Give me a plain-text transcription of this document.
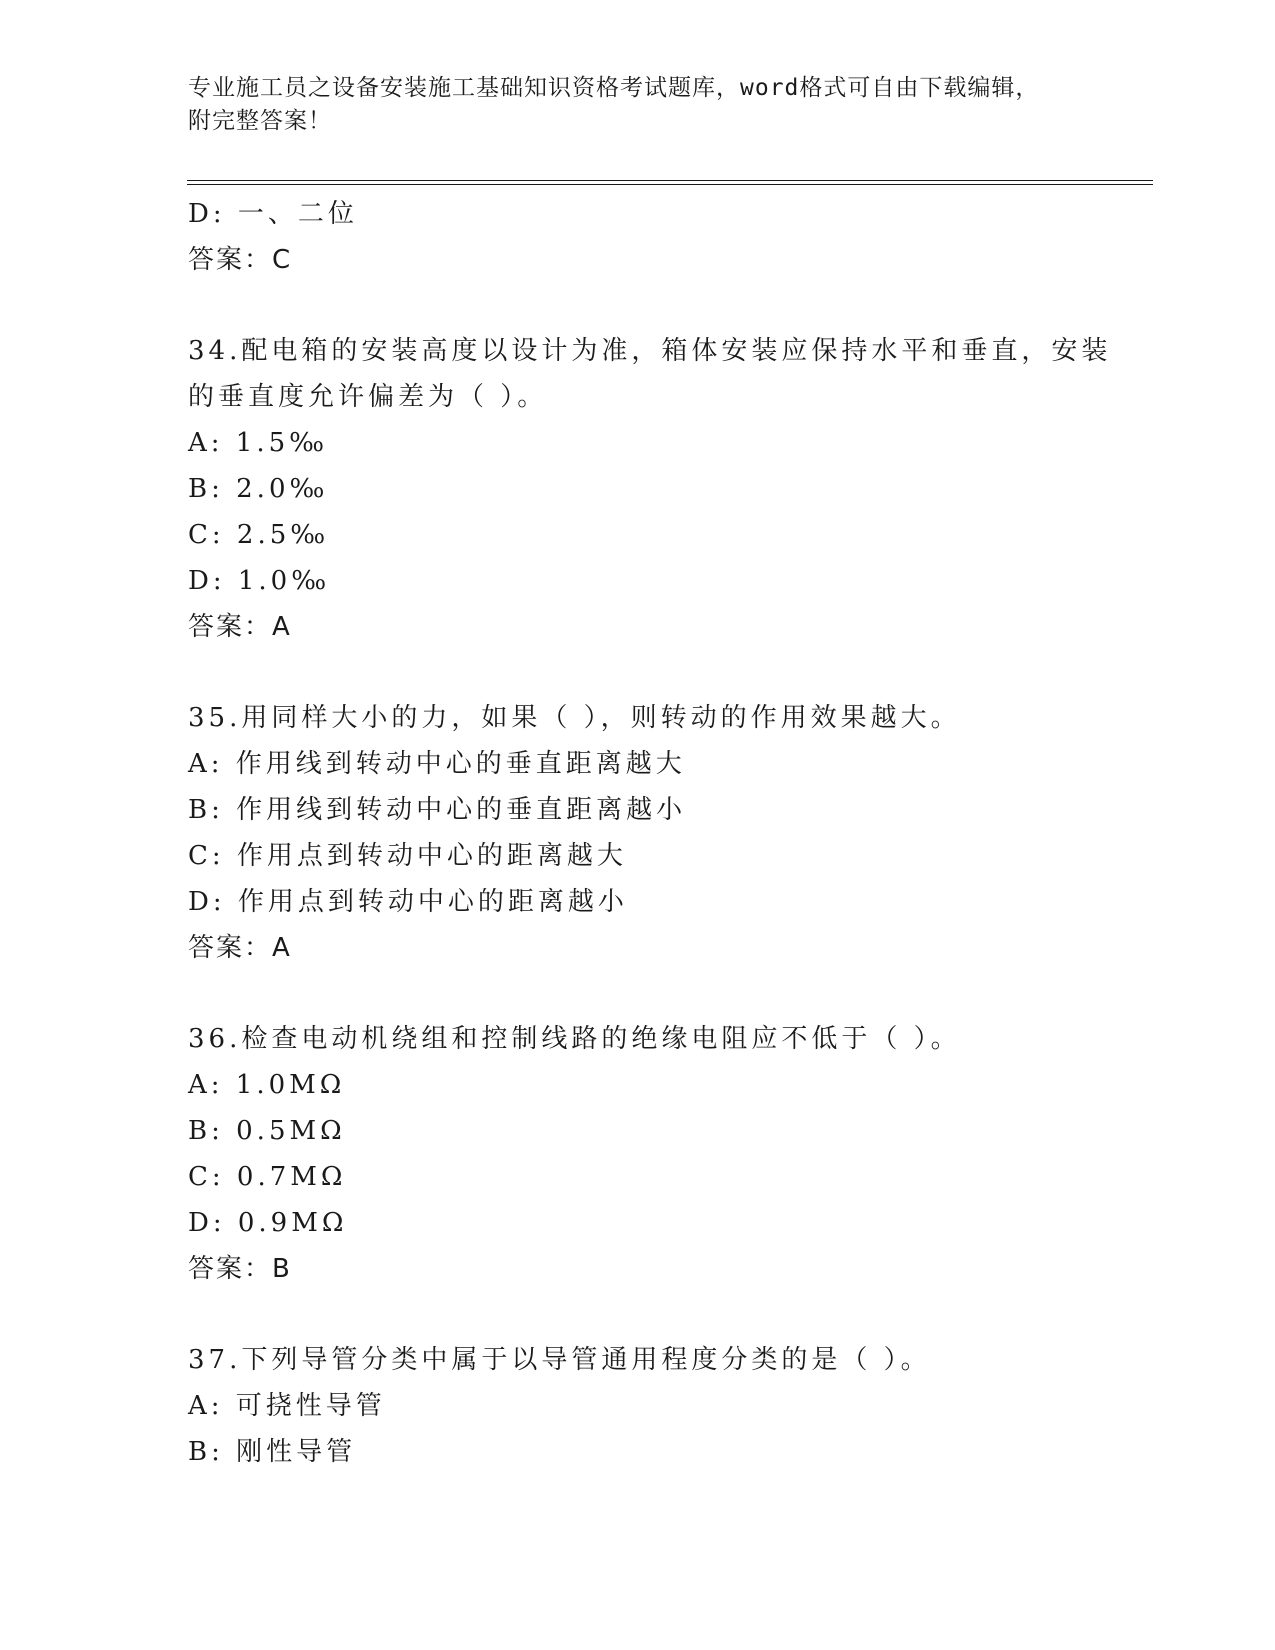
专业施工员之设备安装施工基础知识资格考试题库，word格式可自由下载编辑，
附完整答案！
D: 一、二位
答案：C
34.配电箱的安装高度以设计为准，箱体安装应保持水平和垂直，安装
的垂直度允许偏差为（ ）。
A: 1.5‰
B: 2.0‰
C: 2.5‰
D: 1.0‰
答案：A
35.用同样大小的力，如果（ ），则转动的作用效果越大。
A: 作用线到转动中心的垂直距离越大
B: 作用线到转动中心的垂直距离越小
C: 作用点到转动中心的距离越大
D: 作用点到转动中心的距离越小
答案：A
36.检查电动机绕组和控制线路的绝缘电阻应不低于（ ）。
A: 1.0MΩ
B: 0.5MΩ
C: 0.7MΩ
D: 0.9MΩ
答案：B
37.下列导管分类中属于以导管通用程度分类的是（ ）。
A: 可挠性导管
B: 刚性导管
